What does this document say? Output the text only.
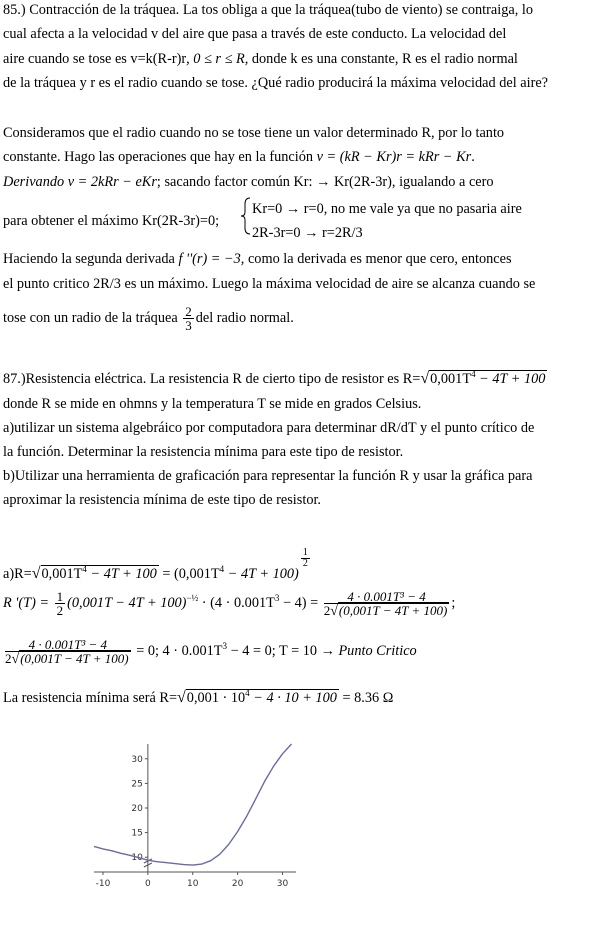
85.) Contracción de la tráquea. La tos obliga a que la tráquea(tubo de viento) se contraiga, lo
cual afecta a la velocidad v del aire que pasa a través de este conducto. La velocidad del
aire cuando se tose es v=k(R-r)r, 0 ≤ r ≤ R, donde k es una constante, R es el radio normal
de la tráquea y r es el radio cuando se tose. ¿Qué radio producirá la máxima velocidad del aire?
Consideramos que el radio cuando no se tose tiene un valor determinado R, por lo tanto
constante. Hago las operaciones que hay en la función v = (kR − Kr)r = kRr − Kr.
Derivando v = 2kRr − eKr; sacando factor común Kr: → Kr(2R-3r), igualando a cero
para obtener el máximo Kr(2R-3r)=0;
Kr=0 → r=0, no me vale ya que no pasaria aire
2R-3r=0 → r=2R/3
Haciendo la segunda derivada f ''(r) = −3, como la derivada es menor que cero, entonces
el punto critico 2R/3 es un máximo. Luego la máxima velocidad de aire se alcanza cuando se
tose con un radio de la tráquea $\frac{2}{3}$ del radio normal.
87.)Resistencia eléctrica. La resistencia R de cierto tipo de resistor es $R=√0,001T^4 - 4T + 100$
donde R se mide en ohmns y la temperatura T se mide en grados Celsius.
a)utilizar un sistema algebráico por computadora para determinar dR/dT y el punto crítico de
la función. Determinar la resistencia mínima para este tipo de resistor.
b)Utilizar una herramienta de graficación para representar la función R y usar la gráfica para
aproximar la resistencia mínima de este tipo de resistor.
$a)R=√0,001T^4 - 4T + 100 = (0,001T^4 - 4T + 100)$
$\frac{1}{2}$
R '$(T) = \frac{1}{2} (0,001T - 4T + 100)^{-\frac{1}{2}} \cdot (4 \cdot 0.001T^3 - 4) = \frac{\text{4 · 0.001T³ − 4}}{2√(0,001T - 4T + 100)}$ ;
$\frac{\text{4 · 0.001T³ − 4}}{2√(0,001T - 4T + 100)} = 0$; $4 \cdot 0.001T^3 - 4 = 0$; T = 10 → Punto Critico
La resistencia mínima será $R=√0,001 \cdot 10^4 - 4 \cdot 10 + 100 = 8.36$ Ω
-10	0	10	20	30
10
15
20
25
30
